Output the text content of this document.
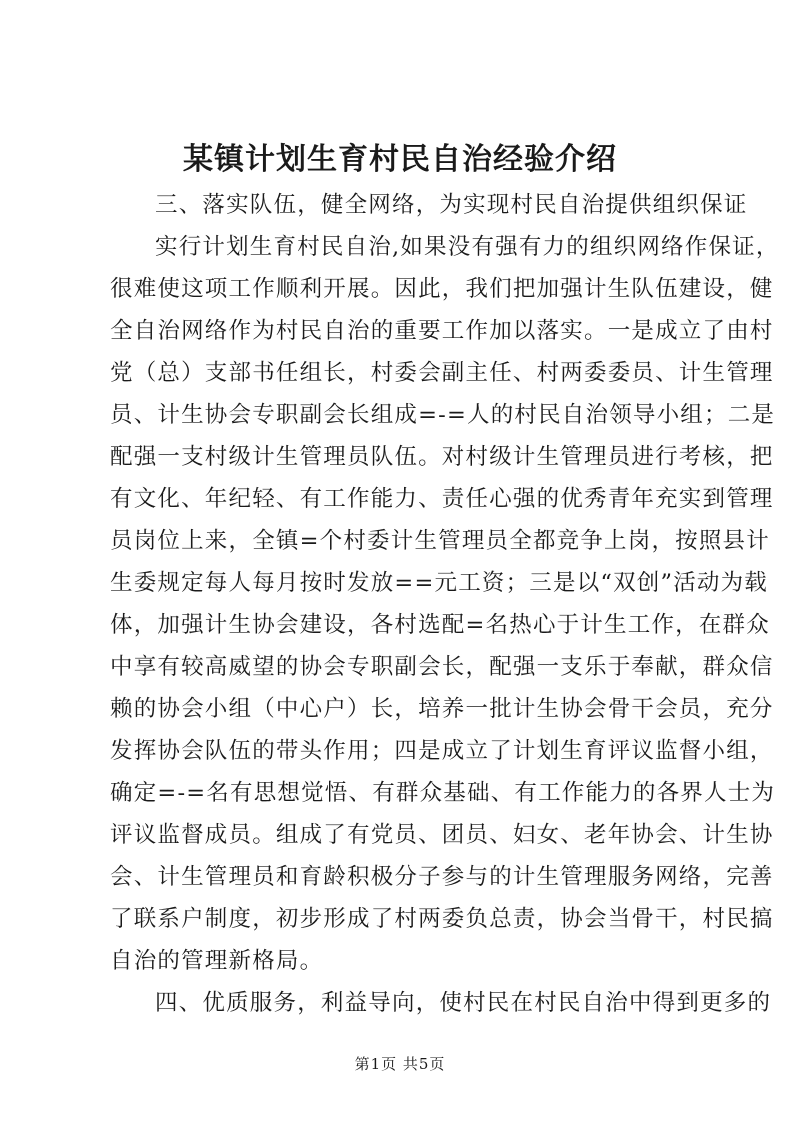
某镇计划生育村民自治经验介绍
三、落实队伍，健全网络，为实现村民自治提供组织保证
实行计划生育村民自治,如果没有强有力的组织网络作保证，
很难使这项工作顺利开展。因此，我们把加强计生队伍建设，健
全自治网络作为村民自治的重要工作加以落实。一是成立了由村
党（总）支部书任组长，村委会副主任、村两委委员、计生管理
员、计生协会专职副会长组成=-=人的村民自治领导小组；二是
配强一支村级计生管理员队伍。对村级计生管理员进行考核，把
有文化、年纪轻、有工作能力、责任心强的优秀青年充实到管理
员岗位上来，全镇=个村委计生管理员全都竞争上岗，按照县计
生委规定每人每月按时发放==元工资；三是以“双创”活动为载
体，加强计生协会建设，各村选配=名热心于计生工作，在群众
中享有较高威望的协会专职副会长，配强一支乐于奉献，群众信
赖的协会小组（中心户）长，培养一批计生协会骨干会员，充分
发挥协会队伍的带头作用；四是成立了计划生育评议监督小组，
确定=-=名有思想觉悟、有群众基础、有工作能力的各界人士为
评议监督成员。组成了有党员、团员、妇女、老年协会、计生协
会、计生管理员和育龄积极分子参与的计生管理服务网络，完善
了联系户制度，初步形成了村两委负总责，协会当骨干，村民搞
自治的管理新格局。
四、优质服务，利益导向，使村民在村民自治中得到更多的
第1页 共5页
